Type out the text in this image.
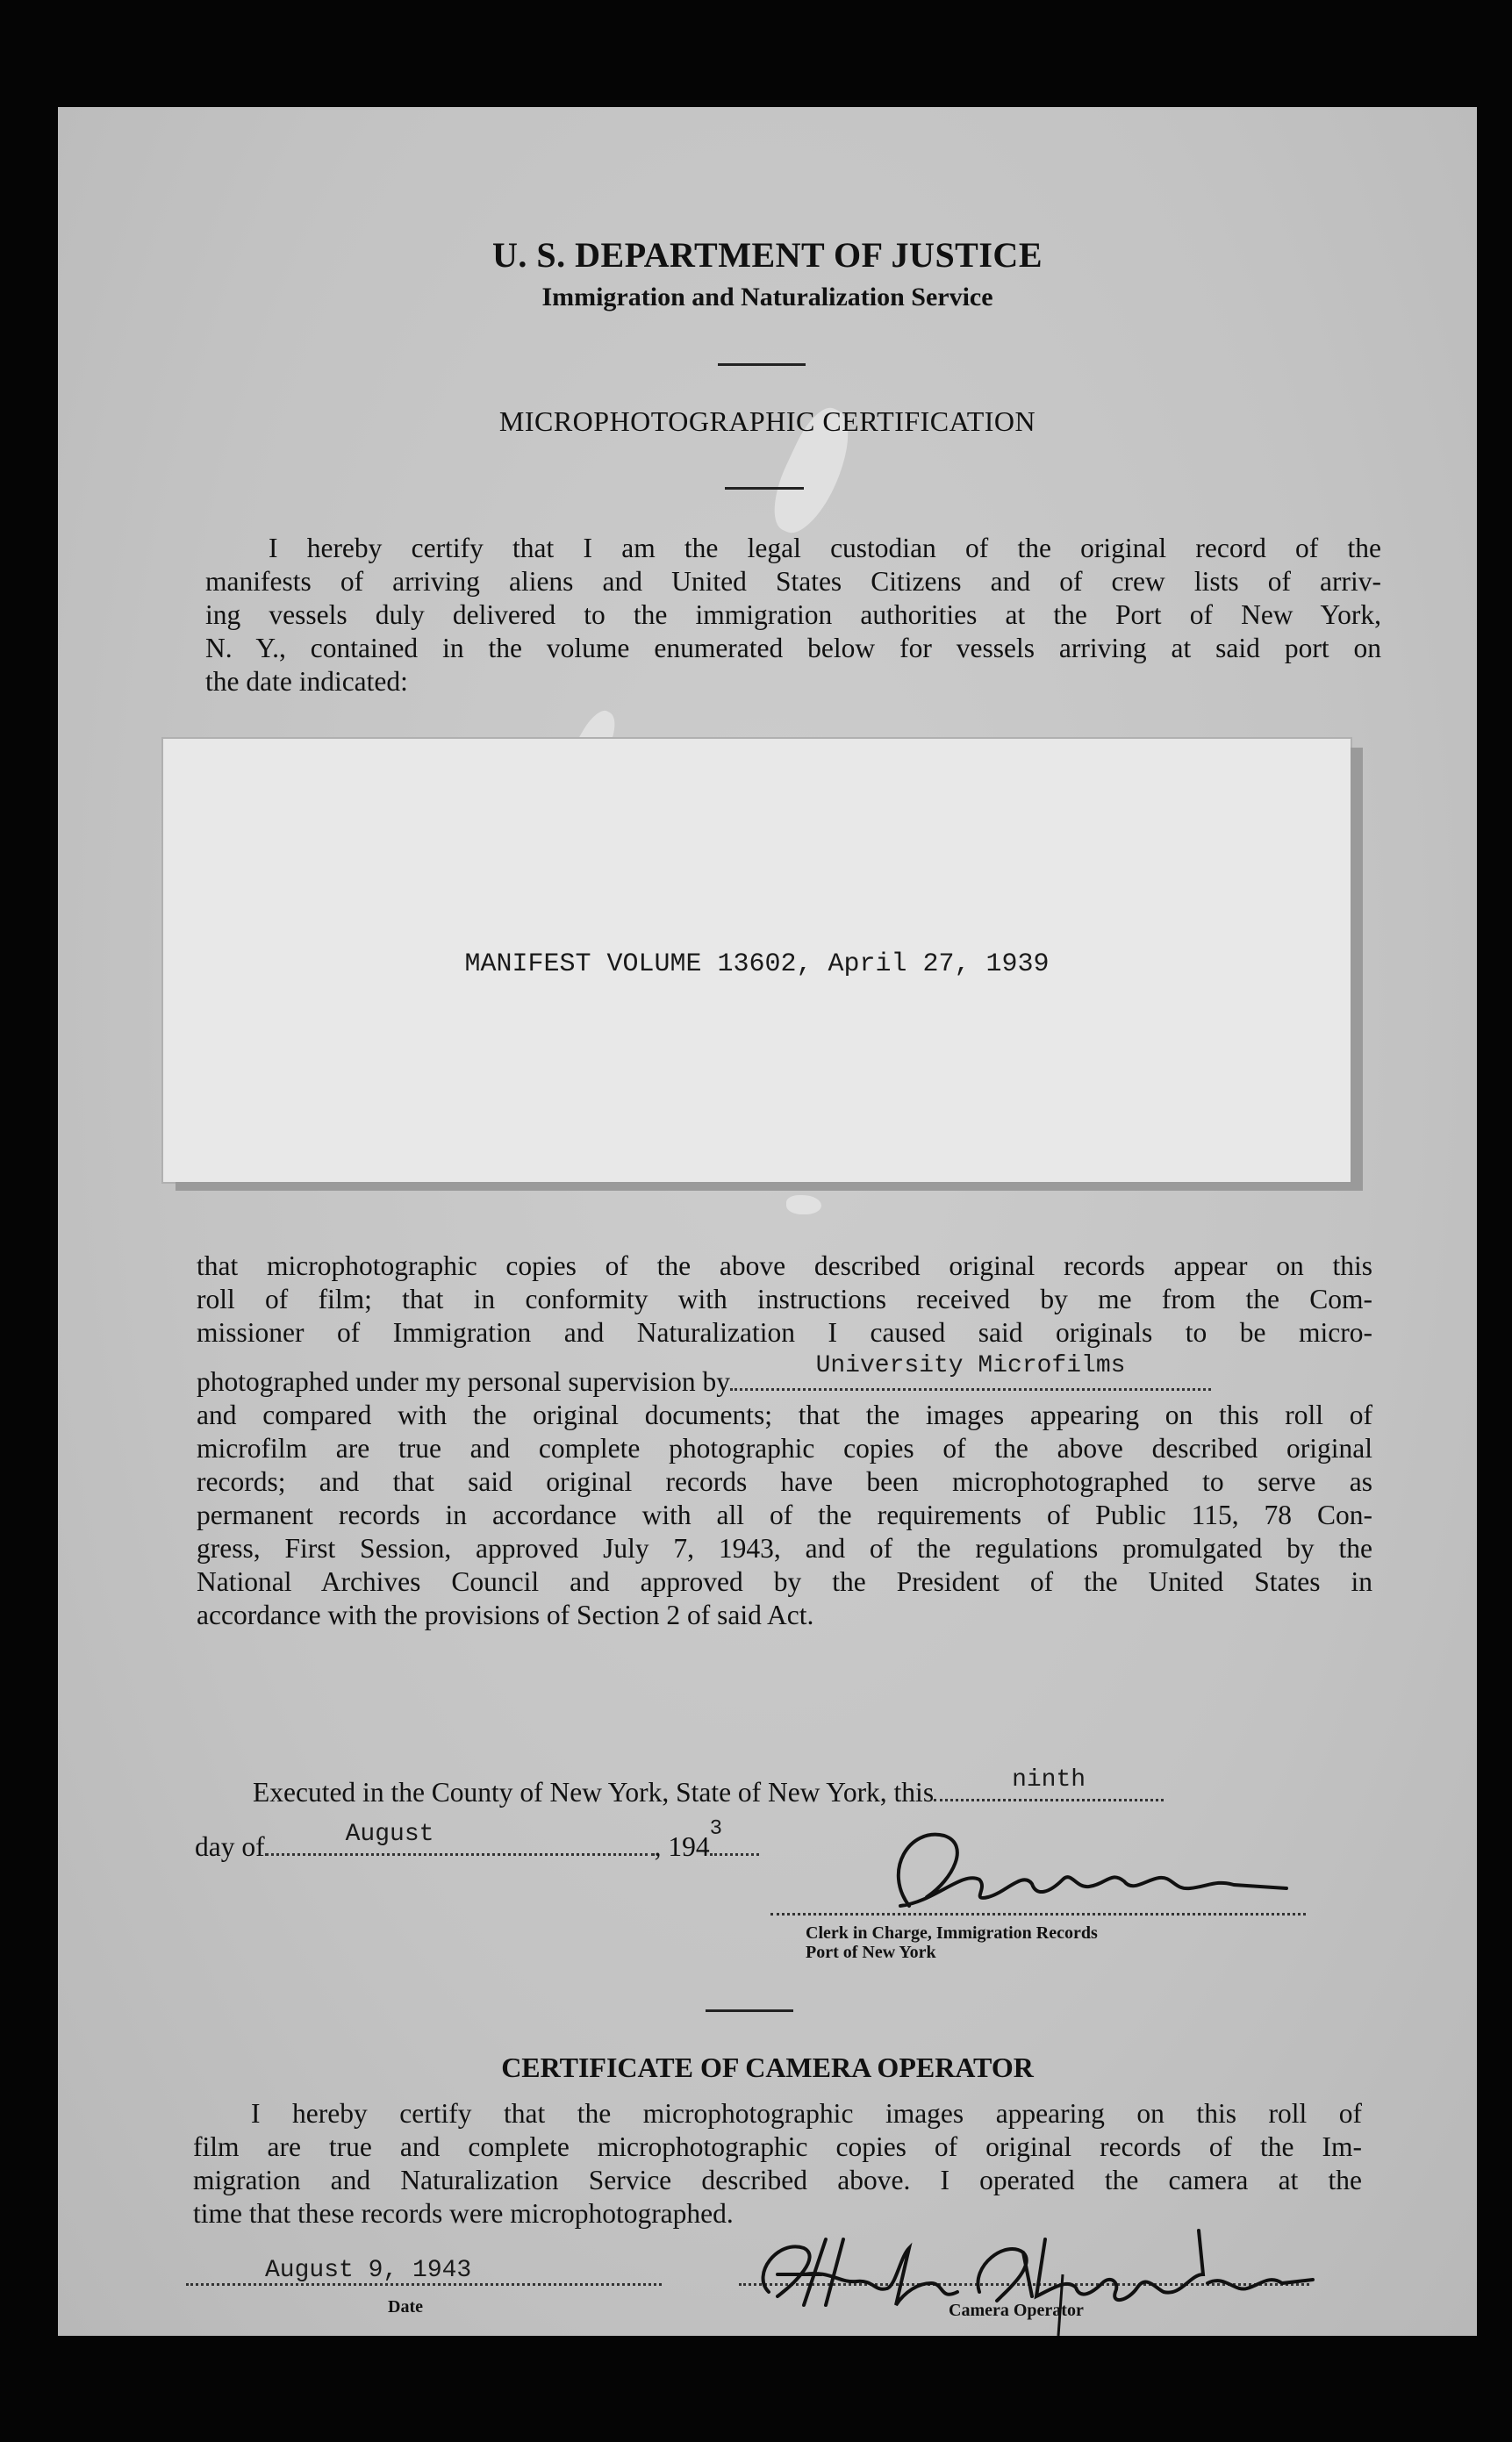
U. S. DEPARTMENT OF JUSTICE
Immigration and Naturalization Service
MICROPHOTOGRAPHIC CERTIFICATION
I hereby certify that I am the legal custodian of the original record of the
manifests of arriving aliens and United States Citizens and of crew lists of arriv-
ing vessels duly delivered to the immigration authorities at the Port of New York,
N. Y., contained in the volume enumerated below for vessels arriving at said port on
the date indicated:
MANIFEST VOLUME 13602, April 27, 1939
that microphotographic copies of the above described original records appear on this
roll of film; that in conformity with instructions received by me from the Com-
missioner of Immigration and Naturalization I caused said originals to be micro-
photographed under my personal supervision by
University Microfilms
and compared with the original documents; that the images appearing on this roll of
microfilm are true and complete photographic copies of the above described original
records; and that said original records have been microphotographed to serve as
permanent records in accordance with all of the requirements of Public 115, 78 Con-
gress, First Session, approved July 7, 1943, and of the regulations promulgated by the
National Archives Council and approved by the President of the United States in
accordance with the provisions of Section 2 of said Act.
Executed in the County of New York, State of New York, this	ninth
day of	August	, 194
3
Clerk in Charge, Immigration Records
Port of New York
CERTIFICATE OF CAMERA OPERATOR
I hereby certify that the microphotographic images appearing on this roll of
film are true and complete microphotographic copies of original records of the Im-
migration and Naturalization Service described above. I operated the camera at the
time that these records were microphotographed.
August 9, 1943
Date	Camera Operator
